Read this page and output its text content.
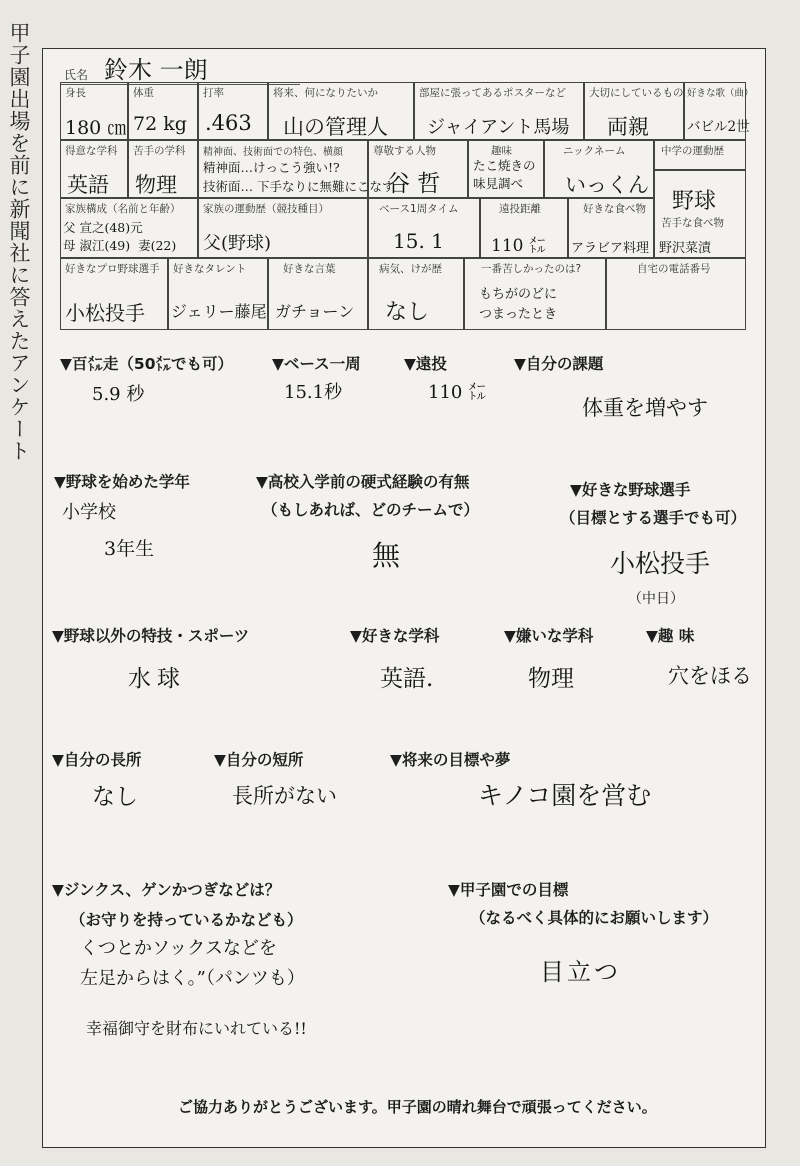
甲子園出場を前に新聞社に答えたアンケート	氏名 鈴木 一朗
身長
180 ㎝
体重
72 kg
打率
.463
将来、何になりたいか
山の管理人
部屋に張ってあるポスターなど
ジャイアント馬場
大切にしているもの
両親
好きな歌（曲）
バビル2世
得意な学科
英語
苦手の学科
物理
精神面、技術面での特色、横顔
精神面…けっこう強い!?
技術面… 下手なりに無難にこなす
尊敬する人物
谷 哲
趣味
たこ焼きの
味見調べ
ニックネーム
いっくん
中学の運動歴
野球
家族構成（名前と年齢）
父 宣之(48)元
母 淑江(49)  妻(22)
家族の運動歴（競技種目）
父(野球)
ベース1周タイム
15. 1
遠投距離
110 ㍍
好きな食べ物
アラビア料理
苦手な食べ物
野沢菜漬
好きなプロ野球選手
小松投手
好きなタレント
ジェリー藤尾
好きな言葉
ガチョーン
病気、けが歴
なし
一番苦しかったのは?
もちがのどに
つまったとき
自宅の電話番号
▼百㍍走（50㍍でも可）
5.9 秒
▼ベース一周
15.1秒
▼遠投
110 ㍍
▼自分の課題
体重を増やす
▼野球を始めた学年
小学校
3年生
▼高校入学前の硬式経験の有無
（もしあれば、どのチームで）
無
▼好きな野球選手
（目標とする選手でも可）
小松投手
（中日）
▼野球以外の特技・スポーツ
水球
▼好きな学科
英語.
▼嫌いな学科
物理
▼趣 味
穴をほる
▼自分の長所
なし
▼自分の短所
長所がない
▼将来の目標や夢
キノコ園を営む
▼ジンクス、ゲンかつぎなどは？
（お守りを持っているかなども）
くつとかソックスなどを
左足からはく。”（パンツも）
幸福御守を財布にいれている!!
▼甲子園での目標
（なるべく具体的にお願いします）
目立つ
ご協力ありがとうございます。甲子園の晴れ舞台で頑張ってください。
